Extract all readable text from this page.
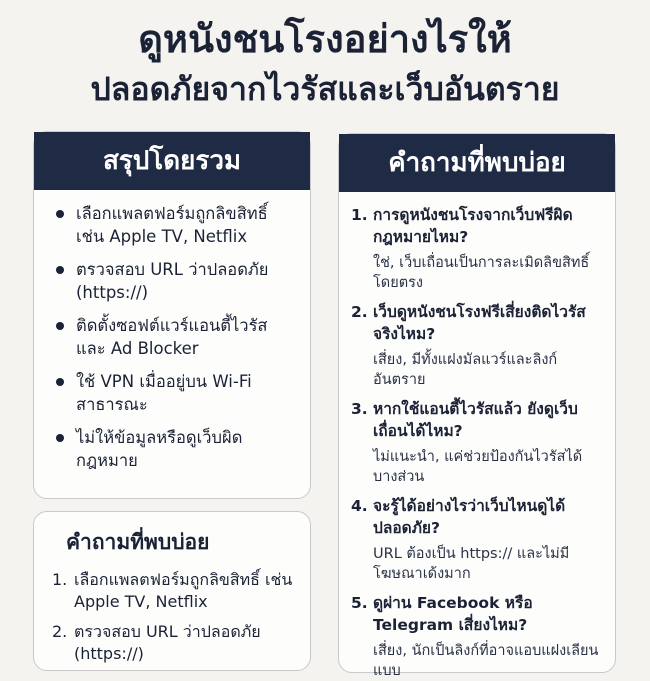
ดูหนังชนโรงอย่างไรให้
ปลอดภัยจากไวรัสและเว็บอันตราย
สรุปโดยรวม
เลือกแพลตฟอร์มถูกลิขสิทธิ์ เช่น Apple TV, Netflix
ตรวจสอบ URL ว่าปลอดภัย (https://)
ติดตั้งซอฟต์แวร์แอนตี้ไวรัส และ Ad Blocker
ใช้ VPN เมื่ออยู่บน Wi-Fi สาธารณะ
ไม่ให้ข้อมูลหรือดูเว็บผิดกฎหมาย
คำถามที่พบบ่อย
1. การดูหนังชนโรงจากเว็บฟรีผิดกฎหมายไหม?
ใช่, เว็บเถื่อนเป็นการละเมิดลิขสิทธิ์โดยตรง
2. เว็บดูหนังชนโรงฟรีเสี่ยงติดไวรัสจริงไหม?
เสี่ยง, มีทั้งแฝงมัลแวร์และลิงก์อันตราย
3. หากใช้แอนตี้ไวรัสแล้ว ยังดูเว็บเถื่อนได้ไหม?
ไม่แนะนำ, แค่ช่วยป้องกันไวรัสได้บางส่วน
4. จะรู้ได้อย่างไรว่าเว็บไหนดูได้ปลอดภัย?
URL ต้องเป็น https:// และไม่มีโฆษณาเด้งมาก
5. ดูผ่าน Facebook หรือ Telegram เสี่ยงไหม?
เสี่ยง, นักเป็นลิงก์ที่อาจแอบแฝงเลียนแบบ
คำถามที่พบบ่อย
1. เลือกแพลตฟอร์มถูกลิขสิทธิ์ เช่น Apple TV, Netflix
2. ตรวจสอบ URL ว่าปลอดภัย (https://)
